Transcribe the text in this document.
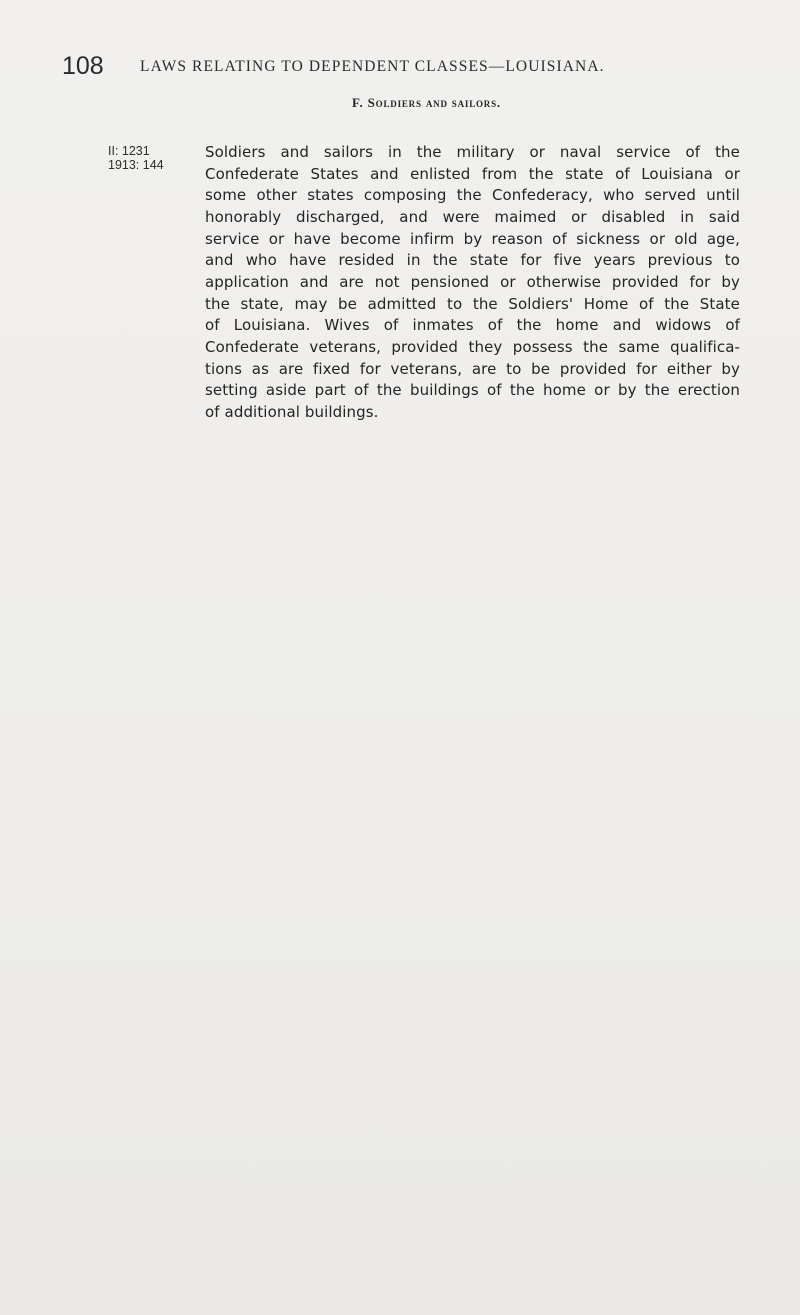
108 LAWS RELATING TO DEPENDENT CLASSES—LOUISIANA.
F. Soldiers and sailors.
II: 1231
1913: 144
Soldiers and sailors in the military or naval service of the
Confederate States and enlisted from the state of Louisiana or
some other states composing the Confederacy, who served until
honorably discharged, and were maimed or disabled in said
service or have become infirm by reason of sickness or old age,
and who have resided in the state for five years previous to
application and are not pensioned or otherwise provided for by
the state, may be admitted to the Soldiers' Home of the State
of Louisiana. Wives of inmates of the home and widows of
Confederate veterans, provided they possess the same qualifica-
tions as are fixed for veterans, are to be provided for either by
setting aside part of the buildings of the home or by the erection
of additional buildings.
